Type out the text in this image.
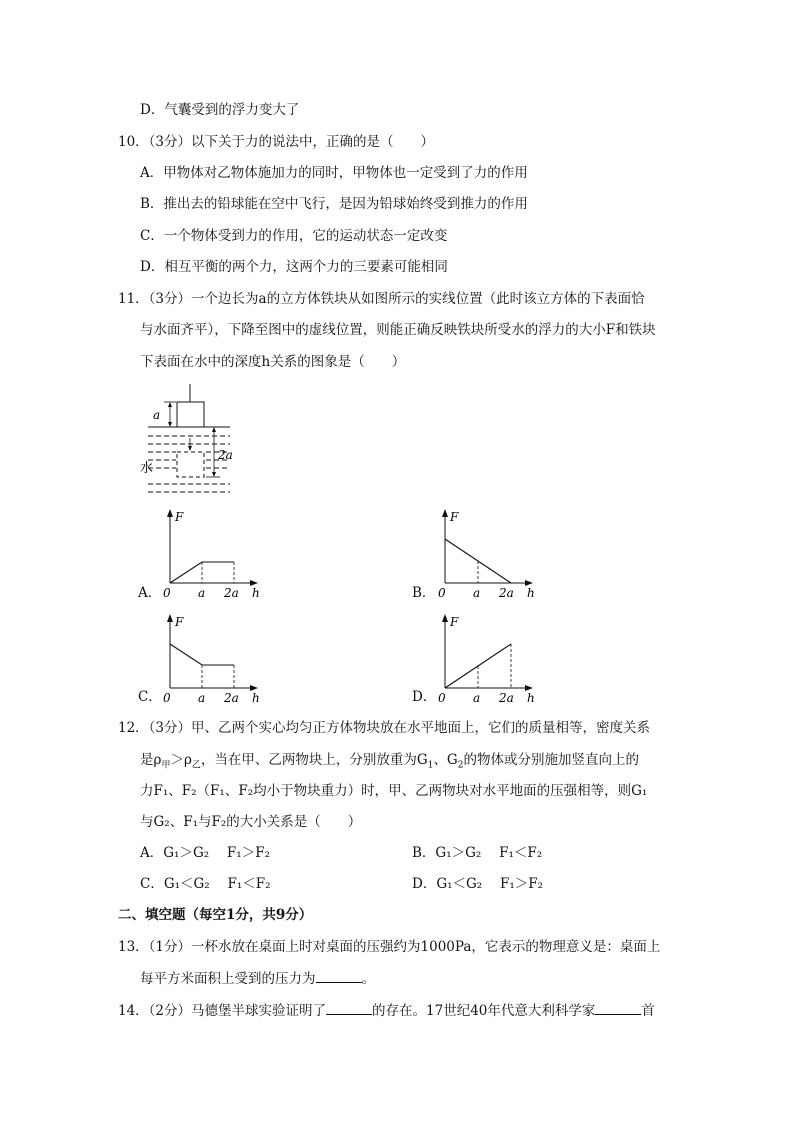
D．气囊受到的浮力变大了
10．（3分）以下关于力的说法中，正确的是（　　）
A．甲物体对乙物体施加力的同时，甲物体也一定受到了力的作用
B．推出去的铅球能在空中飞行，是因为铅球始终受到推力的作用
C．一个物体受到力的作用，它的运动状态一定改变
D．相互平衡的两个力，这两个力的三要素可能相同
11．（3分）一个边长为a的立方体铁块从如图所示的实线位置（此时该立方体的下表面恰
与水面齐平），下降至图中的虚线位置，则能正确反映铁块所受水的浮力的大小F和铁块
下表面在水中的深度h关系的图象是（　　）
a
2a
水
A．
F
0 a 2a h	B．
F
0 a 2a h
C．
F
0 a 2a h	D．
F
0 a 2a h
12．（3分）甲、乙两个实心均匀正方体物块放在水平地面上，它们的质量相等，密度关系
是$\rho_甲>\rho_乙$，当在甲、乙两物块上，分别放重为$G_1$、$G_2$的物体或分别施加竖直向上的
力F₁、F₂（F₁、F₂均小于物块重力）时，甲、乙两物块对水平地面的压强相等，则G₁
与G₂、F₁与F₂的大小关系是（　　）
A．G₁＞G₂　 F₁＞F₂	B．G₁＞G₂　 F₁＜F₂
C．G₁＜G₂　 F₁＜F₂	D．G₁＜G₂　 F₁＞F₂
二、填空题（每空1分，共9分）
13．（1分）一杯水放在桌面上时对桌面的压强约为1000Pa，它表示的物理意义是：桌面上
每平方米面积上受到的压力为	。
14．（2分）马德堡半球实验证明了	的存在。17世纪40年代意大利科学家	首
